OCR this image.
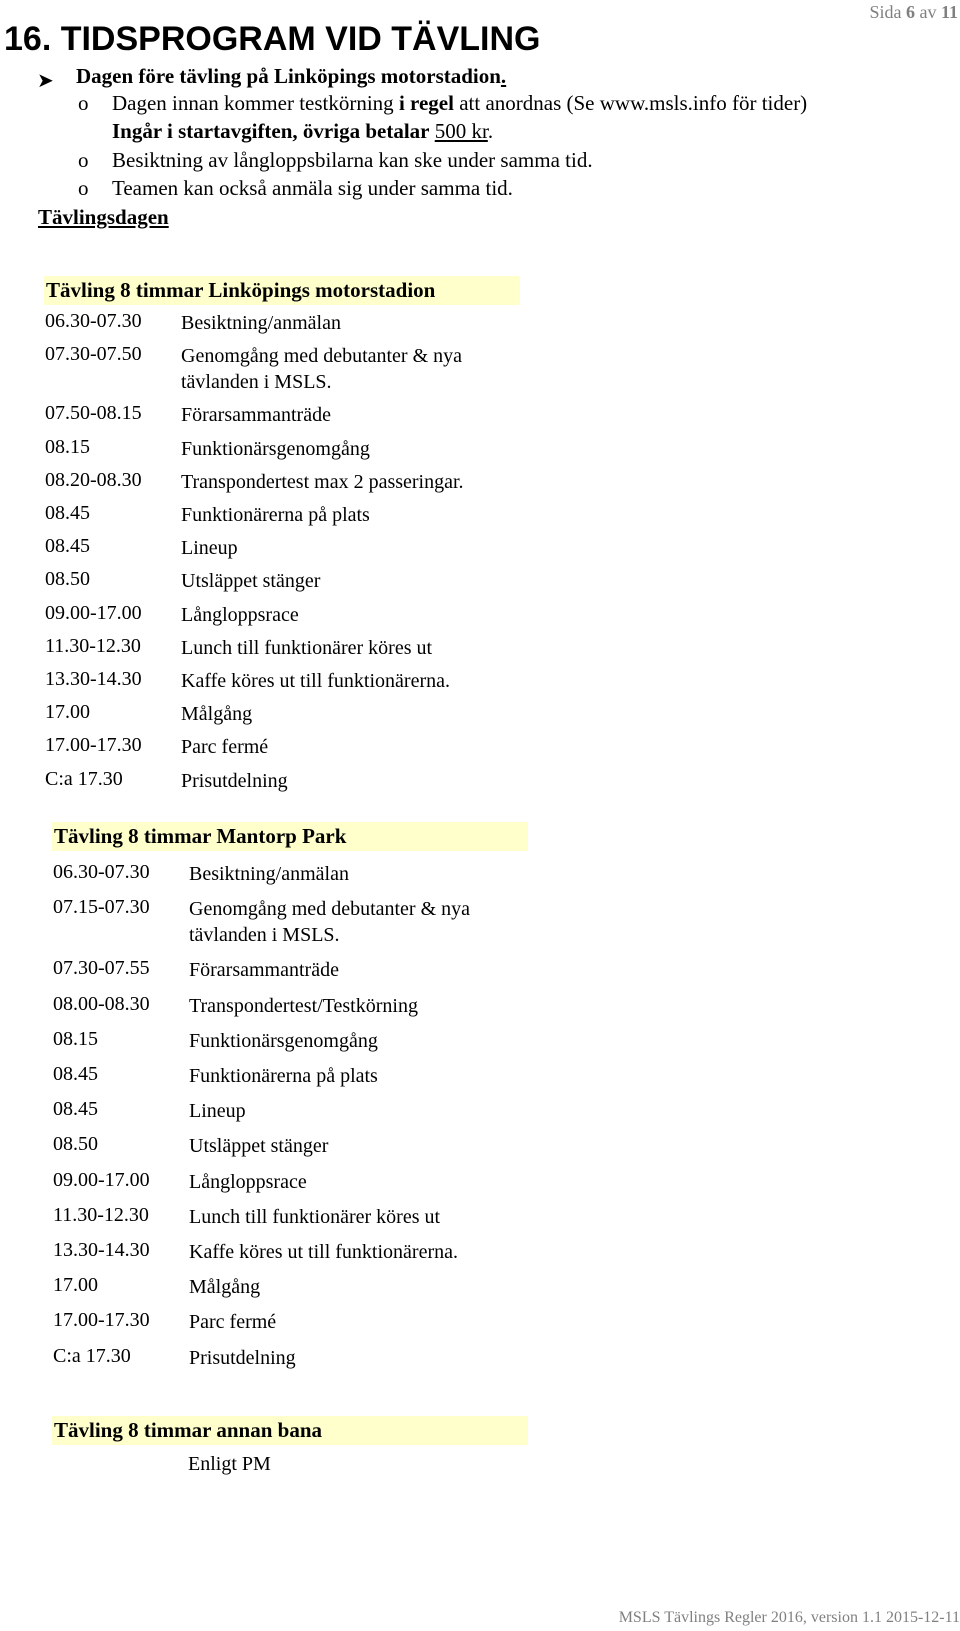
Sida 6 av 11
16. TIDSPROGRAM VID TÄVLING
➤ Dagen före tävling på Linköpings motorstadion.
o Dagen innan kommer testkörning i regel att anordnas (Se www.msls.info för tider)
Ingår i startavgiften, övriga betalar 500 kr.
o Besiktning av långloppsbilarna kan ske under samma tid.
o Teamen kan också anmäla sig under samma tid.
Tävlingsdagen
Tävling 8 timmar Linköpings motorstadion
06.30-07.30 Besiktning/anmälan
07.30-07.50 Genomgång med debutanter & nya tävlanden i MSLS.
07.50-08.15 Förarsammanträde
08.15	Funktionärsgenomgång
08.20-08.30 Transpondertest max 2 passeringar.
08.45	Funktionärerna på plats
08.45	Lineup
08.50	Utsläppet stänger
09.00-17.00 Långloppsrace
11.30-12.30 Lunch till funktionärer köres ut
13.30-14.30 Kaffe köres ut till funktionärerna.
17.00	Målgång
17.00-17.30 Parc fermé
C:a 17.30	Prisutdelning
Tävling 8 timmar Mantorp Park
06.30-07.30 Besiktning/anmälan
07.15-07.30 Genomgång med debutanter & nya tävlanden i MSLS.
07.30-07.55 Förarsammanträde
08.00-08.30 Transpondertest/Testkörning
08.15	Funktionärsgenomgång
08.45	Funktionärerna på plats
08.45	Lineup
08.50	Utsläppet stänger
09.00-17.00 Långloppsrace
11.30-12.30 Lunch till funktionärer köres ut
13.30-14.30 Kaffe köres ut till funktionärerna.
17.00	Målgång
17.00-17.30 Parc fermé
C:a 17.30	Prisutdelning
Tävling 8 timmar annan bana
Enligt PM
MSLS Tävlings Regler 2016, version 1.1 2015-12-11
